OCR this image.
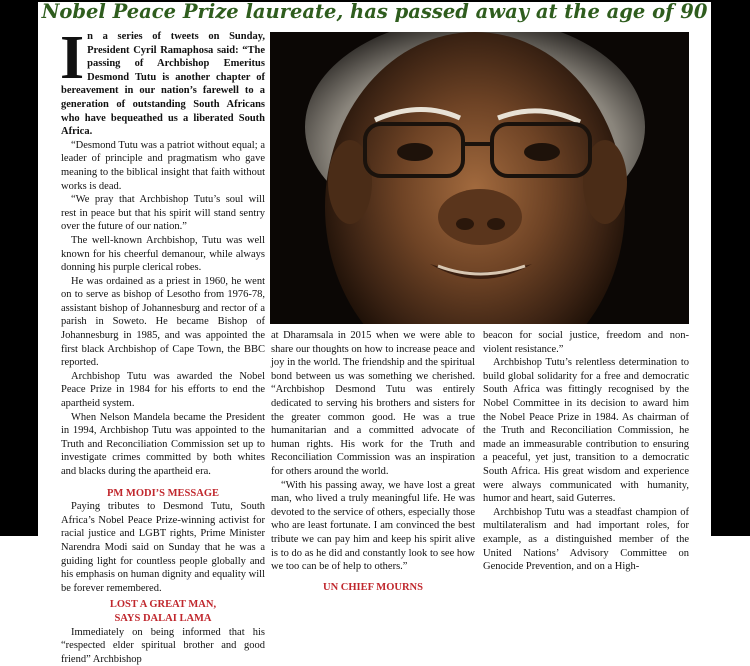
Nobel Peace Prize laureate, has passed away at the age of 90

In a series of tweets on Sunday, President Cyril Ramaphosa said: “The passing of Archbishop Emeritus Desmond Tutu is another chapter of bereavement in our nation’s farewell to a generation of outstanding South Africans who have bequeathed us a liberated South Africa.

“Desmond Tutu was a patriot without equal; a leader of principle and pragmatism who gave meaning to the biblical insight that faith without works is dead.

“We pray that Archbishop Tutu’s soul will rest in peace but that his spirit will stand sentry over the future of our nation.”

The well-known Archbishop, Tutu was well known for his cheerful demanour, while always donning his purple clerical robes.

He was ordained as a priest in 1960, he went on to serve as bishop of Lesotho from 1976-78, assistant bishop of Johannesburg and rector of a parish in Soweto. He became Bishop of Johannesburg in 1985, and was appointed the first black Archbishop of Cape Town, the BBC reported.

Archbishop Tutu was awarded the Nobel Peace Prize in 1984 for his efforts to end the apartheid system.

When Nelson Mandela became the President in 1994, Archbishop Tutu was appointed to the Truth and Reconciliation Commission set up to investigate crimes committed by both whites and blacks during the apartheid era.

PM MODI’S MESSAGE

Paying tributes to Desmond Tutu, South Africa’s Nobel Peace Prize-winning activist for racial justice and LGBT rights, Prime Minister Narendra Modi said on Sunday that he was a guiding light for countless people globally and his emphasis on human dignity and equality will be forever remembered.

LOST A GREAT MAN,

SAYS DALAI LAMA

Immediately on being informed that his “respected elder spiritual brother and good friend” Archbishop

at Dharamsala in 2015 when we were able to share our thoughts on how to increase peace and joy in the world. The friendship and the spiritual bond between us was something we cherished. “Archbishop Desmond Tutu was entirely dedicated to serving his brothers and sisters for the greater common good. He was a true humanitarian and a committed advocate of human rights. His work for the Truth and Reconciliation Commission was an inspiration for others around the world.

“With his passing away, we have lost a great man, who lived a truly meaningful life. He was devoted to the service of others, especially those who are least fortunate. I am convinced the best tribute we can pay him and keep his spirit alive is to do as he did and constantly look to see how we too can be of help to others.”

UN CHIEF MOURNS

beacon for social justice, freedom and non-violent resistance.”

Archbishop Tutu’s relentless determination to build global solidarity for a free and democratic South Africa was fittingly recognised by the Nobel Committee in its decision to award him the Nobel Peace Prize in 1984. As chairman of the Truth and Reconciliation Commission, he made an immeasurable contribution to ensuring a peaceful, yet just, transition to a democratic South Africa. His great wisdom and experience were always communicated with humanity, humor and heart, said Guterres.

Archbishop Tutu was a steadfast champion of multilateralism and had important roles, for example, as a distinguished member of the United Nations’ Advisory Committee on Genocide Prevention, and on a High-
